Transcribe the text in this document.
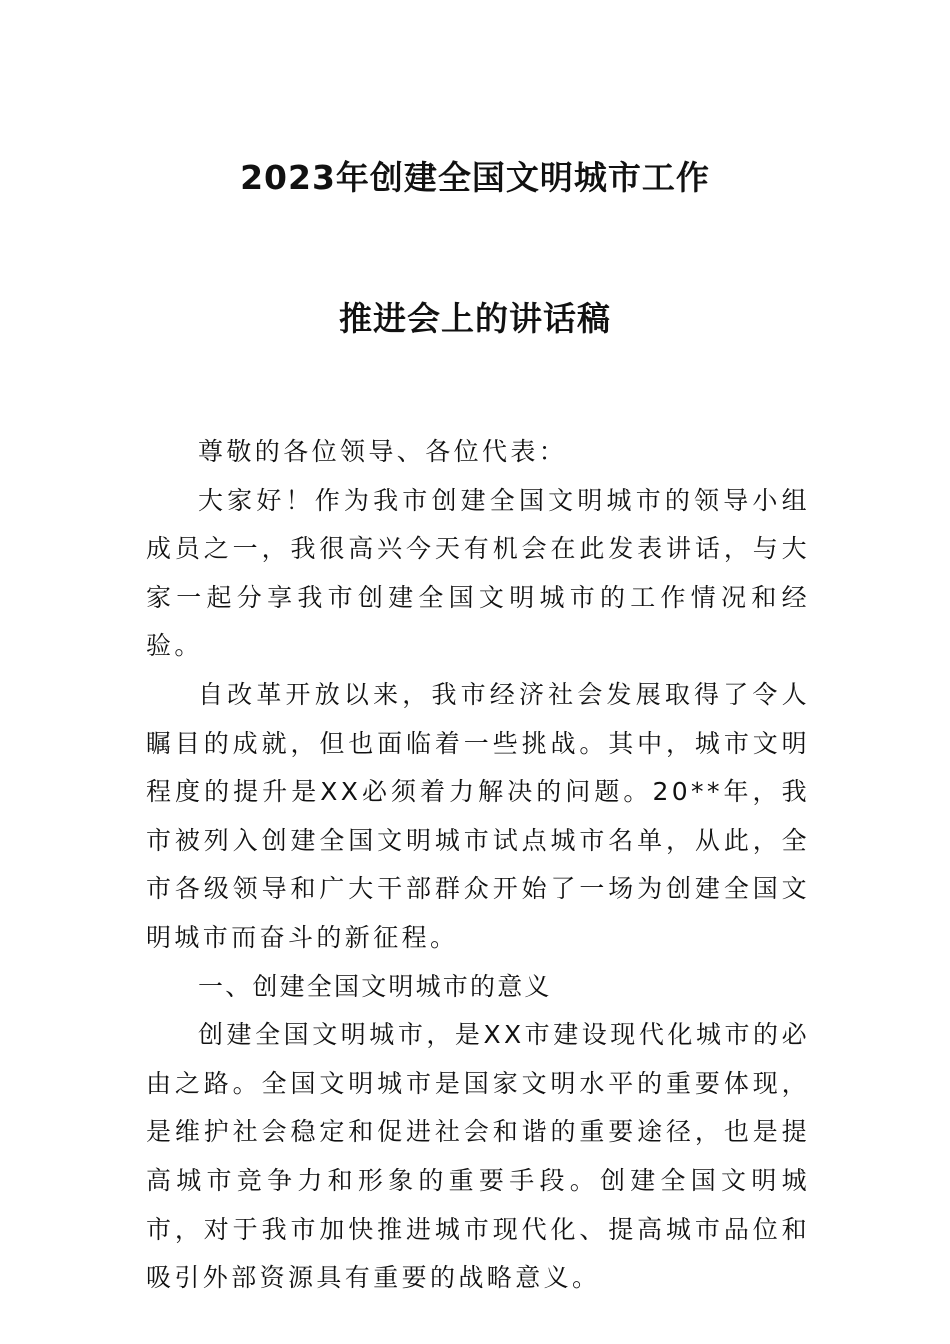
2023年创建全国文明城市工作
推进会上的讲话稿

尊敬的各位领导、各位代表：

大家好！作为我市创建全国文明城市的领导小组成员之一，我很高兴今天有机会在此发表讲话，与大家一起分享我市创建全国文明城市的工作情况和经验。

自改革开放以来，我市经济社会发展取得了令人瞩目的成就，但也面临着一些挑战。其中，城市文明程度的提升是XX必须着力解决的问题。20**年，我市被列入创建全国文明城市试点城市名单，从此，全市各级领导和广大干部群众开始了一场为创建全国文明城市而奋斗的新征程。

一、创建全国文明城市的意义

创建全国文明城市，是XX市建设现代化城市的必由之路。全国文明城市是国家文明水平的重要体现，是维护社会稳定和促进社会和谐的重要途径，也是提高城市竞争力和形象的重要手段。创建全国文明城市，对于我市加快推进城市现代化、提高城市品位和吸引外部资源具有重要的战略意义。
